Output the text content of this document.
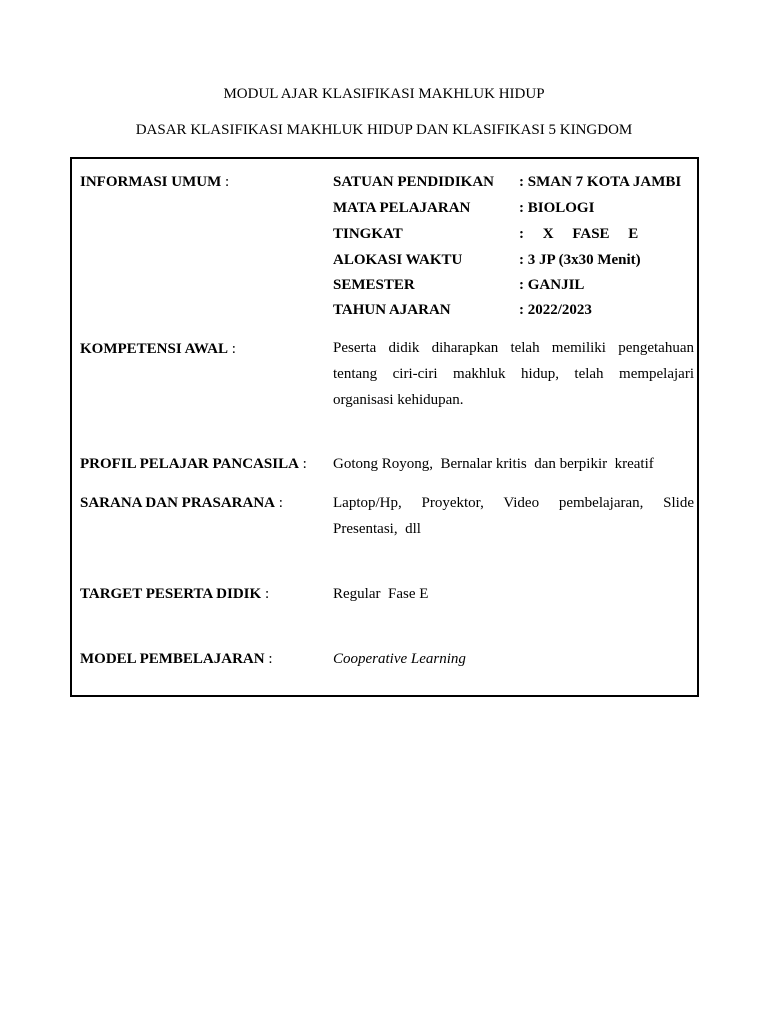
MODUL AJAR KLASIFIKASI MAKHLUK HIDUP
DASAR KLASIFIKASI MAKHLUK HIDUP DAN KLASIFIKASI 5 KINGDOM
INFORMASI UMUM :	SATUAN PENDIDIKAN : SMAN 7 KOTA JAMBI
MATA PELAJARAN	: BIOLOGI
TINGKAT	:     X     FASE     E
ALOKASI WAKTU	: 3 JP (3x30 Menit)
SEMESTER	: GANJIL
TAHUN AJARAN	: 2022/2023
KOMPETENSI AWAL :	Peserta didik diharapkan telah memiliki pengetahuan
tentang ciri-ciri makhluk hidup, telah mempelajari
organisasi kehidupan.
PROFIL PELAJAR PANCASILA : Gotong Royong,  Bernalar kritis  dan berpikir  kreatif
SARANA DAN PRASARANA :	Laptop/Hp, Proyektor, Video pembelajaran, Slide
Presentasi,  dll
TARGET PESERTA DIDIK :	Regular  Fase E
MODEL PEMBELAJARAN :	Cooperative Learning
